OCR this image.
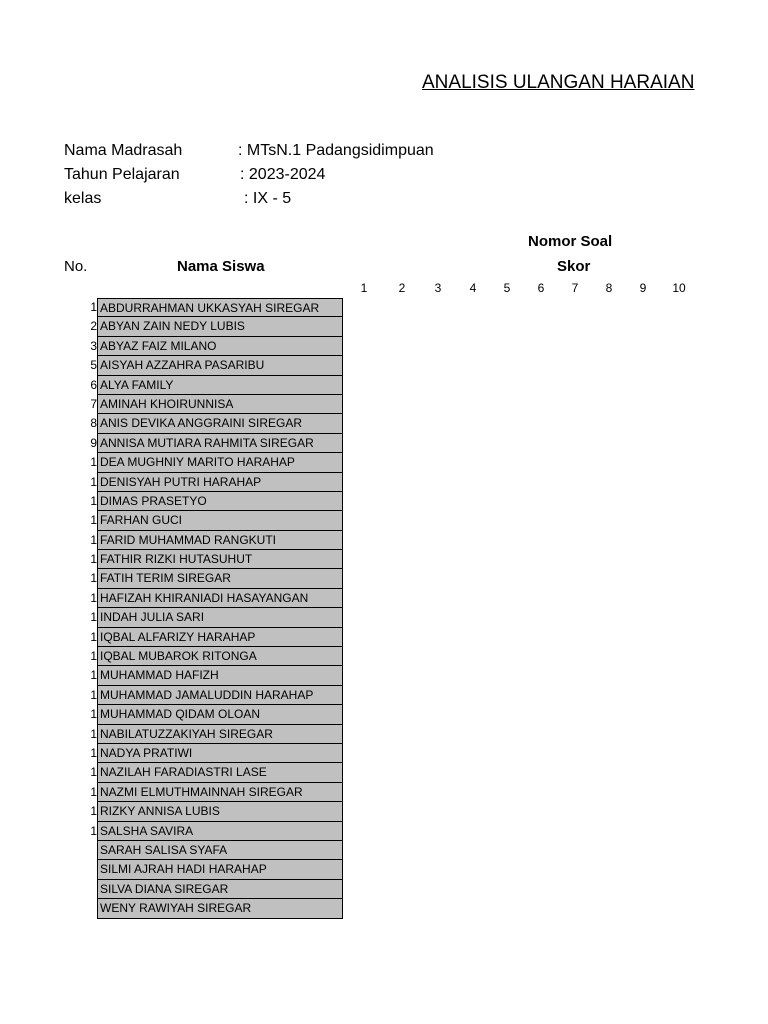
ANALISIS ULANGAN HARAIAN
Nama Madrasah	: MTsN.1 Padangsidimpuan
Tahun Pelajaran	: 2023-2024
kelas	: IX - 5
Nomor Soal
No.	Nama Siswa	Skor
1	2	3	4	5	6	7	8	9	10
1 ABDURRAHMAN UKKASYAH SIREGAR
2 ABYAN ZAIN NEDY LUBIS
3 ABYAZ FAIZ MILANO
5 AISYAH AZZAHRA PASARIBU
6 ALYA FAMILY
7 AMINAH KHOIRUNNISA
8 ANIS DEVIKA ANGGRAINI SIREGAR
9 ANNISA MUTIARA RAHMITA SIREGAR
1 DEA MUGHNIY MARITO HARAHAP
1 DENISYAH PUTRI HARAHAP
1 DIMAS PRASETYO
1 FARHAN GUCI
1 FARID MUHAMMAD RANGKUTI
1 FATHIR RIZKI HUTASUHUT
1 FATIH TERIM SIREGAR
1 HAFIZAH KHIRANIADI HASAYANGAN
1 INDAH JULIA SARI
1 IQBAL ALFARIZY HARAHAP
1 IQBAL MUBAROK RITONGA
1 MUHAMMAD HAFIZH
1 MUHAMMAD JAMALUDDIN HARAHAP
1 MUHAMMAD QIDAM OLOAN
1 NABILATUZZAKIYAH SIREGAR
1 NADYA PRATIWI
1 NAZILAH FARADIASTRI LASE
1 NAZMI ELMUTHMAINNAH SIREGAR
1 RIZKY ANNISA LUBIS
1 SALSHA SAVIRA
SARAH SALISA SYAFA
SILMI AJRAH HADI HARAHAP
SILVA DIANA SIREGAR
WENY RAWIYAH SIREGAR
